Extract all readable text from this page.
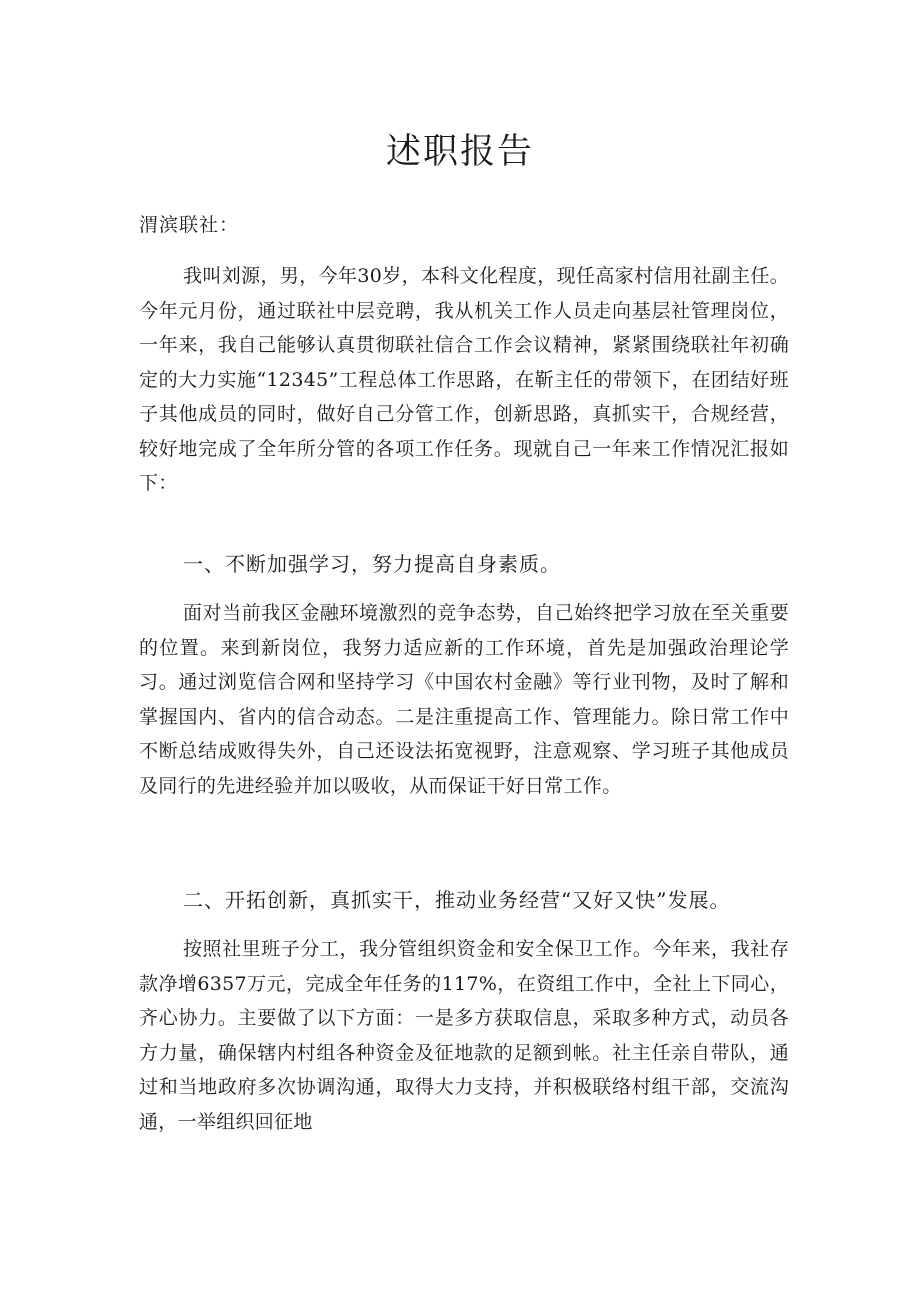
述职报告
渭滨联社：

我叫刘源，男，今年30岁，本科文化程度，现任高家村信用社副主任。今年元月份，通过联社中层竞聘，我从机关工作人员走向基层社管理岗位，一年来，我自己能够认真贯彻联社信合工作会议精神，紧紧围绕联社年初确定的大力实施“12345”工程总体工作思路，在靳主任的带领下，在团结好班子其他成员的同时，做好自己分管工作，创新思路，真抓实干，合规经营，较好地完成了全年所分管的各项工作任务。现就自己一年来工作情况汇报如下：

一、不断加强学习，努力提高自身素质。

面对当前我区金融环境激烈的竞争态势，自己始终把学习放在至关重要的位置。来到新岗位，我努力适应新的工作环境，首先是加强政治理论学习。通过浏览信合网和坚持学习《中国农村金融》等行业刊物，及时了解和掌握国内、省内的信合动态。二是注重提高工作、管理能力。除日常工作中不断总结成败得失外，自己还设法拓宽视野，注意观察、学习班子其他成员及同行的先进经验并加以吸收，从而保证干好日常工作。

二、开拓创新，真抓实干，推动业务经营“又好又快”发展。

按照社里班子分工，我分管组织资金和安全保卫工作。今年来，我社存款净增6357万元，完成全年任务的117%，在资组工作中，全社上下同心，齐心协力。主要做了以下方面：一是多方获取信息，采取多种方式，动员各方力量，确保辖内村组各种资金及征地款的足额到帐。社主任亲自带队，通过和当地政府多次协调沟通，取得大力支持，并积极联络村组干部，交流沟通，一举组织回征地
